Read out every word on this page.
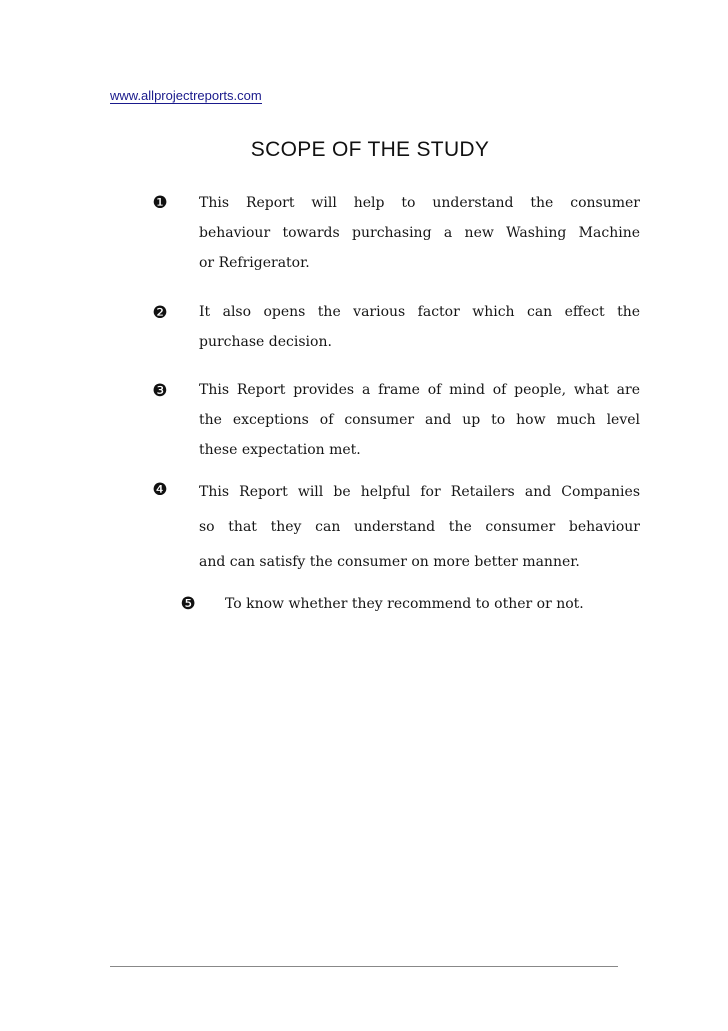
www.allprojectreports.com
SCOPE OF THE STUDY
❶ This Report will help to understand the consumer
behaviour towards purchasing a new Washing Machine
or Refrigerator.
❷ It also opens the various factor which can effect the
purchase decision.
❸ This Report provides a frame of mind of people, what are
the exceptions of consumer and up to how much level
these expectation met.
❹ This Report will be helpful for Retailers and Companies
so that they can understand the consumer behaviour
and can satisfy the consumer on more better manner.
❺ To know whether they recommend to other or not.
